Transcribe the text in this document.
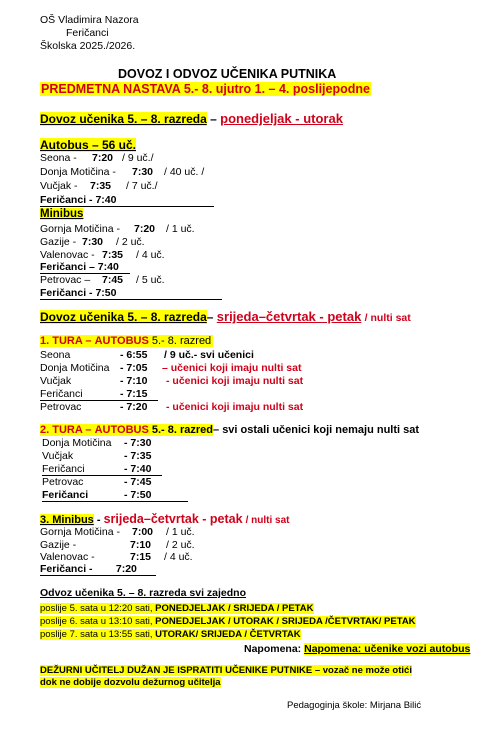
OŠ Vladimira Nazora
Feričanci
Školska 2025./2026.
DOVOZ I ODVOZ UČENIKA PUTNIKA
PREDMETNA NASTAVA 5.- 8. ujutro 1. – 4. poslijepodne
Dovoz učenika 5. – 8. razreda – ponedjeljak - utorak
Autobus – 56 uč.
Seona - 7:20 / 9 uč./
Donja Motičina - 7:30 / 40 uč. /
Vučjak - 7:35 / 7 uč./
Feričanci - 7:40
Minibus
Gornja Motičina - 7:20 / 1 uč.
Gazije - 7:30 / 2 uč.
Valenovac - 7:35 / 4 uč.
Feričanci – 7:40
Petrovac – 7:45 / 5 uč.
Feričanci - 7:50
Dovoz učenika 5. – 8. razreda– srijeda–četvrtak - petak / nulti sat
1. TURA – AUTOBUS 5.- 8. razred
Seona	- 6:55 / 9 uč.- svi učenici
Donja Motičina - 7:05 – učenici koji imaju nulti sat
Vučjak	- 7:10 - učenici koji imaju nulti sat
Feričanci	- 7:15
Petrovac	- 7:20 - učenici koji imaju nulti sat
2. TURA – AUTOBUS 5.- 8. razred– svi ostali učenici koji nemaju nulti sat
Donja Motičina - 7:30
Vučjak	- 7:35
Feričanci	- 7:40
Petrovac	- 7:45
Feričanci	- 7:50
3. Minibus - srijeda–četvrtak - petak / nulti sat
Gornja Motičina - 7:00 / 1 uč.
Gazije -	7:10 / 2 uč.
Valenovac -	7:15 / 4 uč.
Feričanci -        7:20
Odvoz učenika 5. – 8. razreda svi zajedno
poslije 5. sata u 12:20 sati, PONEDJELJAK / SRIJEDA / PETAK
poslije 6. sata u 13:10 sati, PONEDJELJAK / UTORAK / SRIJEDA /ČETVRTAK/ PETAK
poslije 7. sata u 13:55 sati, UTORAK/ SRIJEDA / ČETVRTAK
Napomena: Napomena: učenike vozi autobus
DEŽURNI UČITELJ DUŽAN JE ISPRATITI UČENIKE PUTNIKE – vozač ne može otići
dok ne dobije dozvolu dežurnog učitelja
Pedagoginja škole: Mirjana Bilić
